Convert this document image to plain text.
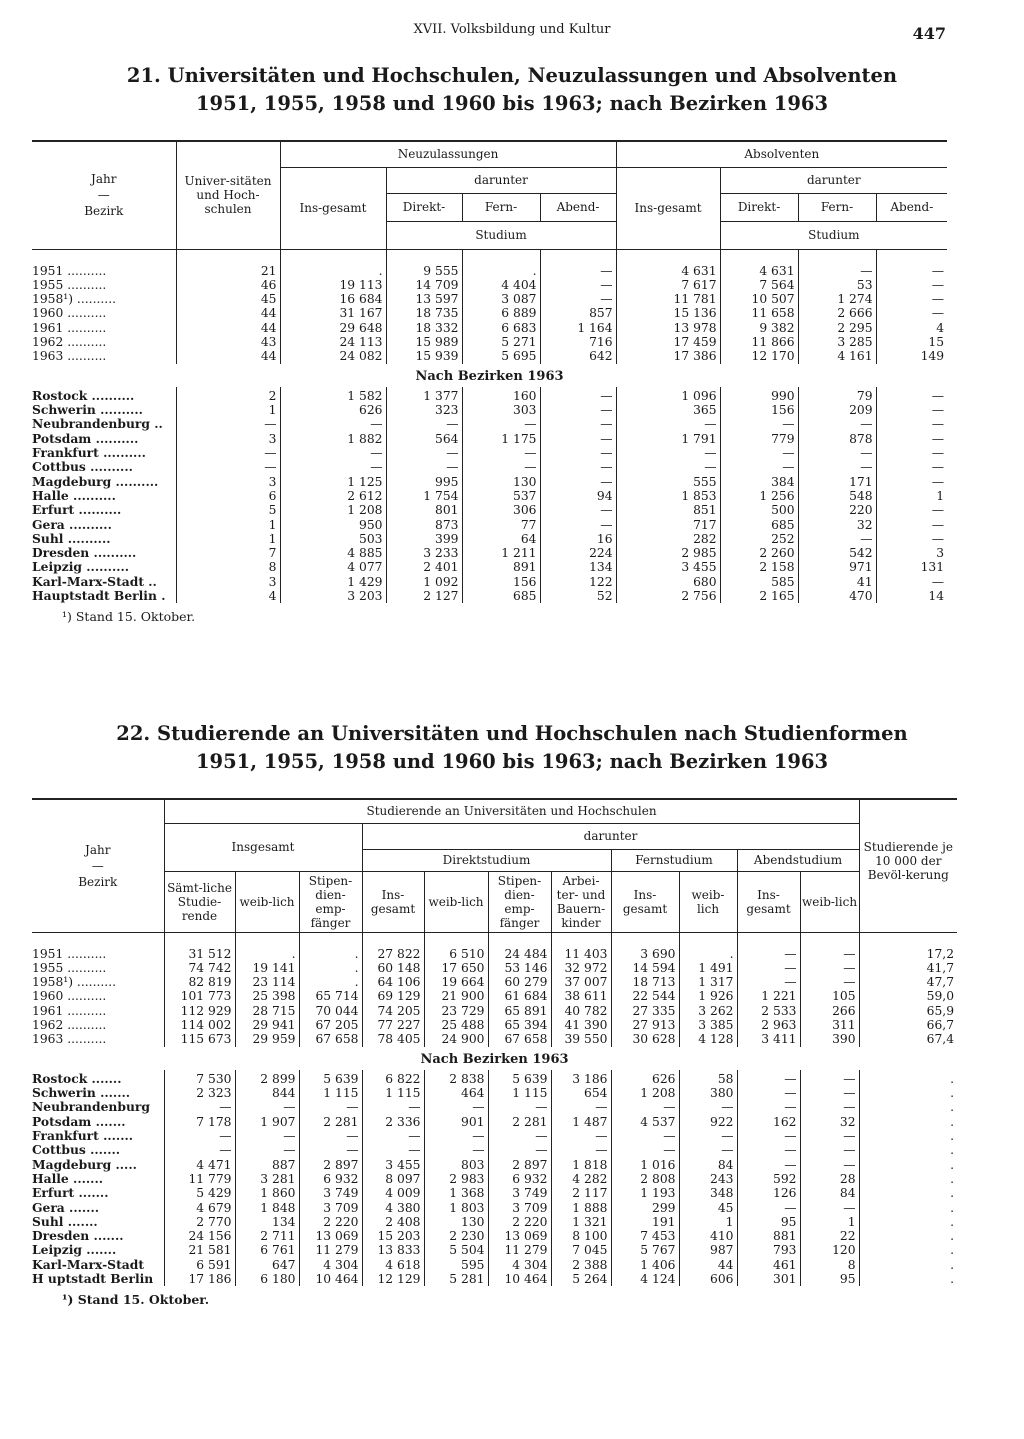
XVII. Volksbildung und Kultur	447

21. Universitäten und Hochschulen, Neuzulassungen und Absolventen

1951, 1955, 1958 und 1960 bis 1963; nach Bezirken 1963

Jahr
—
Bezirk	Univer-sitäten und Hoch-schulen	Neuzulassungen				Absolventen			
		Ins-gesamt	darunter			Ins-gesamt	darunter		
			Direkt-	Fern-	Abend-		Direkt-	Fern-	Abend-
			Studium				Studium		
1951 ..........	21	.	9 555	.	—	4 631	4 631	—	—
1955 ..........	46	19 113	14 709	4 404	—	7 617	7 564	53	—
1958¹) ..........	45	16 684	13 597	3 087	—	11 781	10 507	1 274	—
1960 ..........	44	31 167	18 735	6 889	857	15 136	11 658	2 666	—
1961 ..........	44	29 648	18 332	6 683	1 164	13 978	9 382	2 295	4
1962 ..........	43	24 113	15 989	5 271	716	17 459	11 866	3 285	15
1963 ..........	44	24 082	15 939	5 695	642	17 386	12 170	4 161	149
Nach Bezirken 1963									
Rostock ..........	2	1 582	1 377	160	—	1 096	990	79	—
Schwerin ..........	1	626	323	303	—	365	156	209	—
Neubrandenburg ..	—	—	—	—	—	—	—	—	—
Potsdam ..........	3	1 882	564	1 175	—	1 791	779	878	—
Frankfurt ..........	—	—	—	—	—	—	—	—	—
Cottbus ..........	—	—	—	—	—	—	—	—	—
Magdeburg ..........	3	1 125	995	130	—	555	384	171	—
Halle ..........	6	2 612	1 754	537	94	1 853	1 256	548	1
Erfurt ..........	5	1 208	801	306	—	851	500	220	—
Gera ..........	1	950	873	77	—	717	685	32	—
Suhl ..........	1	503	399	64	16	282	252	—	—
Dresden ..........	7	4 885	3 233	1 211	224	2 985	2 260	542	3
Leipzig ..........	8	4 077	2 401	891	134	3 455	2 158	971	131
Karl-Marx-Stadt ..	3	1 429	1 092	156	122	680	585	41	—
Hauptstadt Berlin .	4	3 203	2 127	685	52	2 756	2 165	470	14
¹) Stand 15. Oktober.

22. Studierende an Universitäten und Hochschulen nach Studienformen

1951, 1955, 1958 und 1960 bis 1963; nach Bezirken 1963

Jahr
—
Bezirk	Studierende an Universitäten und Hochschulen											Studierende je 10 000 der Bevöl-kerung
	Insgesamt			darunter								
				Direktstudium				Fernstudium		Abendstudium		
	Sämt-liche Studie-rende	weib-lich	Stipen-dien-emp-fänger	Ins-gesamt	weib-lich	Stipen-dien-emp-fänger	Arbei-ter- und Bauern-kinder	Ins-gesamt	weib-lich	Ins-gesamt	weib-lich	
1951 ..........	31 512	.	.	27 822	6 510	24 484	11 403	3 690	.	—	—	17,2
1955 ..........	74 742	19 141	.	60 148	17 650	53 146	32 972	14 594	1 491	—	—	41,7
1958¹) ..........	82 819	23 114	.	64 106	19 664	60 279	37 007	18 713	1 317	—	—	47,7
1960 ..........	101 773	25 398	65 714	69 129	21 900	61 684	38 611	22 544	1 926	1 221	105	59,0
1961 ..........	112 929	28 715	70 044	74 205	23 729	65 891	40 782	27 335	3 262	2 533	266	65,9
1962 ..........	114 002	29 941	67 205	77 227	25 488	65 394	41 390	27 913	3 385	2 963	311	66,7
1963 ..........	115 673	29 959	67 658	78 405	24 900	67 658	39 550	30 628	4 128	3 411	390	67,4
Nach Bezirken 1963												
Rostock .......	7 530	2 899	5 639	6 822	2 838	5 639	3 186	626	58	—	—	.
Schwerin .......	2 323	844	1 115	1 115	464	1 115	654	1 208	380	—	—	.
Neubrandenburg	—	—	—	—	—	—	—	—	—	—	—	.
Potsdam .......	7 178	1 907	2 281	2 336	901	2 281	1 487	4 537	922	162	32	.
Frankfurt .......	—	—	—	—	—	—	—	—	—	—	—	.
Cottbus .......	—	—	—	—	—	—	—	—	—	—	—	.
Magdeburg .....	4 471	887	2 897	3 455	803	2 897	1 818	1 016	84	—	—	.
Halle .......	11 779	3 281	6 932	8 097	2 983	6 932	4 282	2 808	243	592	28	.
Erfurt .......	5 429	1 860	3 749	4 009	1 368	3 749	2 117	1 193	348	126	84	.
Gera .......	4 679	1 848	3 709	4 380	1 803	3 709	1 888	299	45	—	—	.
Suhl .......	2 770	134	2 220	2 408	130	2 220	1 321	191	1	95	1	.
Dresden .......	24 156	2 711	13 069	15 203	2 230	13 069	8 100	7 453	410	881	22	.
Leipzig .......	21 581	6 761	11 279	13 833	5 504	11 279	7 045	5 767	987	793	120	.
Karl-Marx-Stadt	6 591	647	4 304	4 618	595	4 304	2 388	1 406	44	461	8	.
H uptstadt Berlin	17 186	6 180	10 464	12 129	5 281	10 464	5 264	4 124	606	301	95	.
¹) Stand 15. Oktober.
